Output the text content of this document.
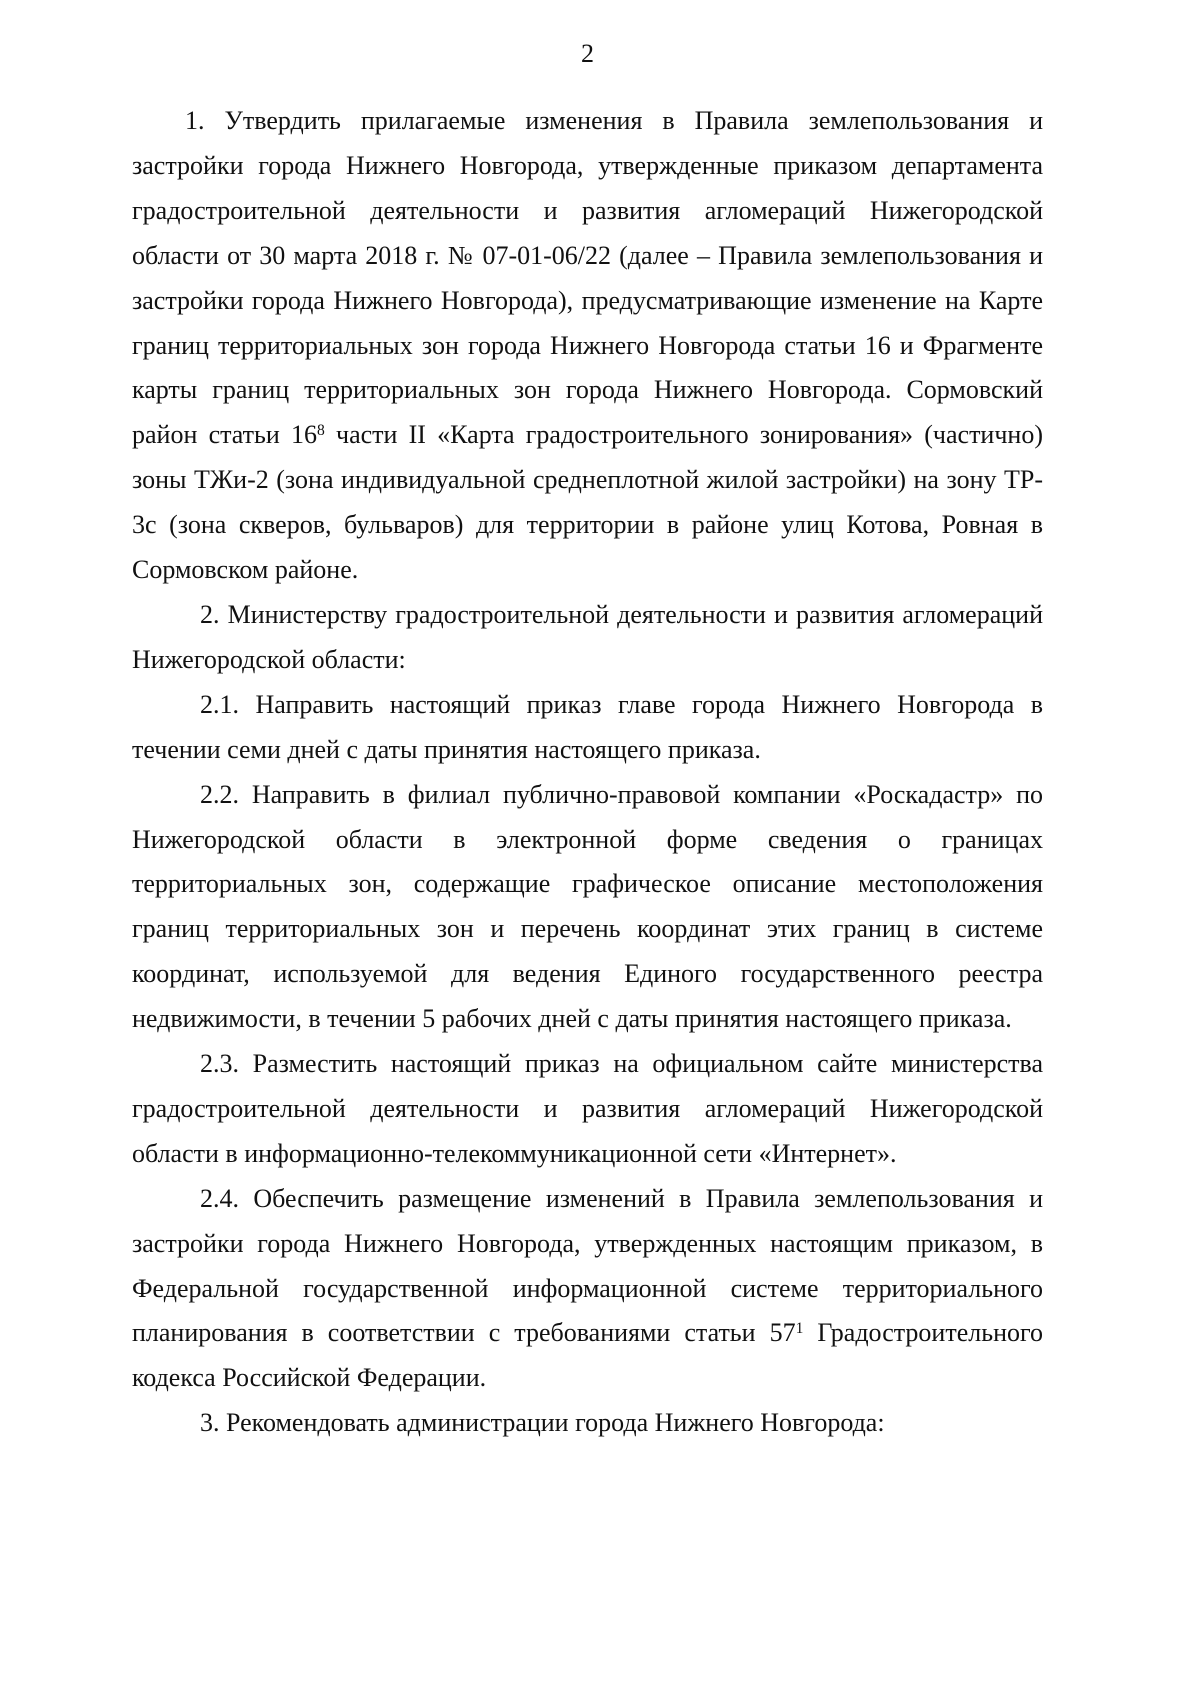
2
1. Утвердить прилагаемые изменения в Правила землепользования и
застройки города Нижнего Новгорода, утвержденные приказом департамента
градостроительной деятельности и развития агломераций Нижегородской
области от 30 марта 2018 г. № 07-01-06/22 (далее – Правила землепользования и
застройки города Нижнего Новгорода), предусматривающие изменение на Карте
границ территориальных зон города Нижнего Новгорода статьи 16 и Фрагменте
карты границ территориальных зон города Нижнего Новгорода. Сормовский
район статьи $16^8$ части II «Карта градостроительного зонирования» (частично)
зоны ТЖи-2 (зона индивидуальной среднеплотной жилой застройки) на зону ТР-
3с (зона скверов, бульваров) для территории в районе улиц Котова, Ровная в
Сормовском районе.
2. Министерству градостроительной деятельности и развития агломераций
Нижегородской области:
2.1. Направить настоящий приказ главе города Нижнего Новгорода в
течении семи дней с даты принятия настоящего приказа.
2.2. Направить в филиал публично-правовой компании «Роскадастр» по
Нижегородской области в электронной форме сведения о границах
территориальных зон, содержащие графическое описание местоположения
границ территориальных зон и перечень координат этих границ в системе
координат, используемой для ведения Единого государственного реестра
недвижимости, в течении 5 рабочих дней с даты принятия настоящего приказа.
2.3. Разместить настоящий приказ на официальном сайте министерства
градостроительной деятельности и развития агломераций Нижегородской
области в информационно-телекоммуникационной сети «Интернет».
2.4. Обеспечить размещение изменений в Правила землепользования и
застройки города Нижнего Новгорода, утвержденных настоящим приказом, в
Федеральной государственной информационной системе территориального
планирования в соответствии с требованиями статьи $57^1$ Градостроительного
кодекса Российской Федерации.
3. Рекомендовать администрации города Нижнего Новгорода:
